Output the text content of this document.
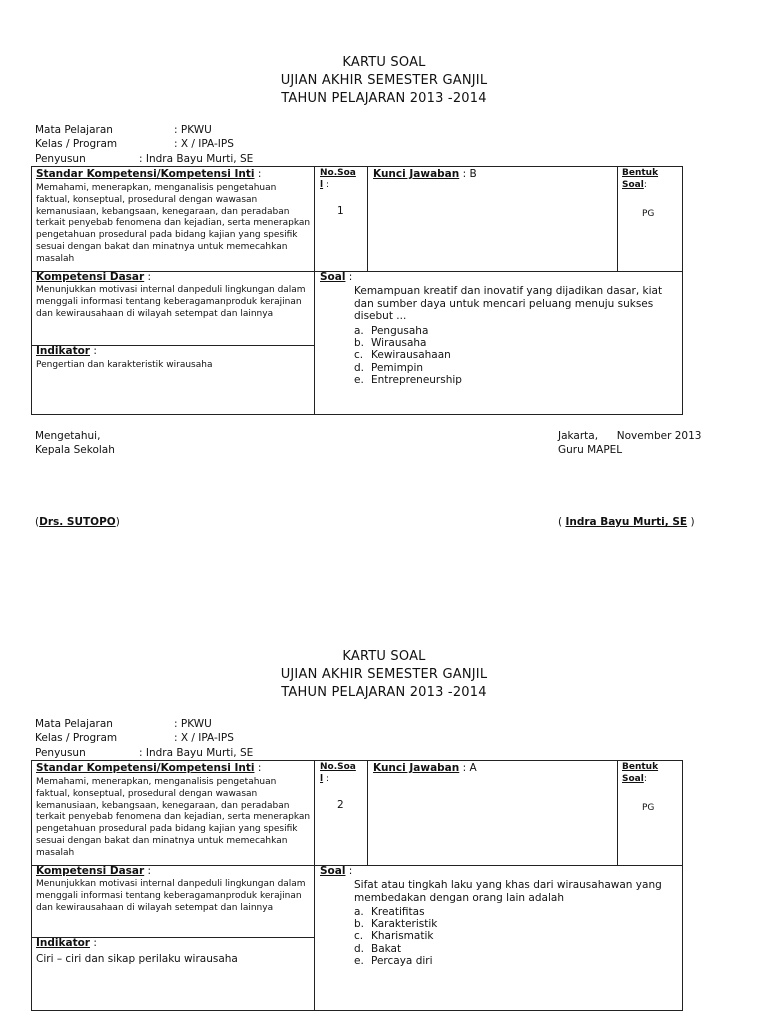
KARTU SOAL
UJIAN AKHIR SEMESTER GANJIL
TAHUN PELAJARAN 2013 -2014
Mata Pelajaran	: PKWU
Kelas / Program	: X / IPA-IPS
Penyusun	: Indra Bayu Murti, SE
Standar Kompetensi/Kompetensi Inti :
Memahami, menerapkan, menganalisis pengetahuan faktual, konseptual, prosedural dengan wawasan kemanusiaan, kebangsaan, kenegaraan, dan peradaban terkait penyebab fenomena dan kejadian, serta menerapkan pengetahuan prosedural pada bidang kajian yang spesifik sesuai dengan bakat dan minatnya untuk memecahkan masalah
No.Soa
l :
1
Kunci Jawaban : B	Bentuk
Soal:
PG
Kompetensi Dasar :
Menunjukkan motivasi internal danpeduli lingkungan dalam menggali informasi tentang keberagamanproduk kerajinan dan kewirausahaan di wilayah setempat dan lainnya
Indikator :
Pengertian dan karakteristik wirausaha
Soal :
Kemampuan kreatif dan inovatif yang dijadikan dasar, kiat dan sumber daya untuk mencari peluang menuju sukses disebut ...
a. Pengusaha
b. Wirausaha
c. Kewirausahaan
d. Pemimpin
e. Entrepreneurship
Mengetahui,
Kepala Sekolah
Jakarta, November 2013
Guru MAPEL
(Drs. SUTOPO)	( Indra Bayu Murti, SE )
KARTU SOAL
UJIAN AKHIR SEMESTER GANJIL
TAHUN PELAJARAN 2013 -2014
Mata Pelajaran	: PKWU
Kelas / Program	: X / IPA-IPS
Penyusun	: Indra Bayu Murti, SE
Standar Kompetensi/Kompetensi Inti :
Memahami, menerapkan, menganalisis pengetahuan faktual, konseptual, prosedural dengan wawasan kemanusiaan, kebangsaan, kenegaraan, dan peradaban terkait penyebab fenomena dan kejadian, serta menerapkan pengetahuan prosedural pada bidang kajian yang spesifik sesuai dengan bakat dan minatnya untuk memecahkan masalah
No.Soa
l :
2
Kunci Jawaban : A	Bentuk
Soal:
PG
Kompetensi Dasar :
Menunjukkan motivasi internal danpeduli lingkungan dalam menggali informasi tentang keberagamanproduk kerajinan dan kewirausahaan di wilayah setempat dan lainnya
Indikator :
Ciri – ciri dan sikap perilaku wirausaha
Soal :
Sifat atau tingkah laku yang khas dari wirausahawan yang membedakan dengan orang lain adalah
a. Kreatifitas
b. Karakteristik
c. Kharismatik
d. Bakat
e. Percaya diri
